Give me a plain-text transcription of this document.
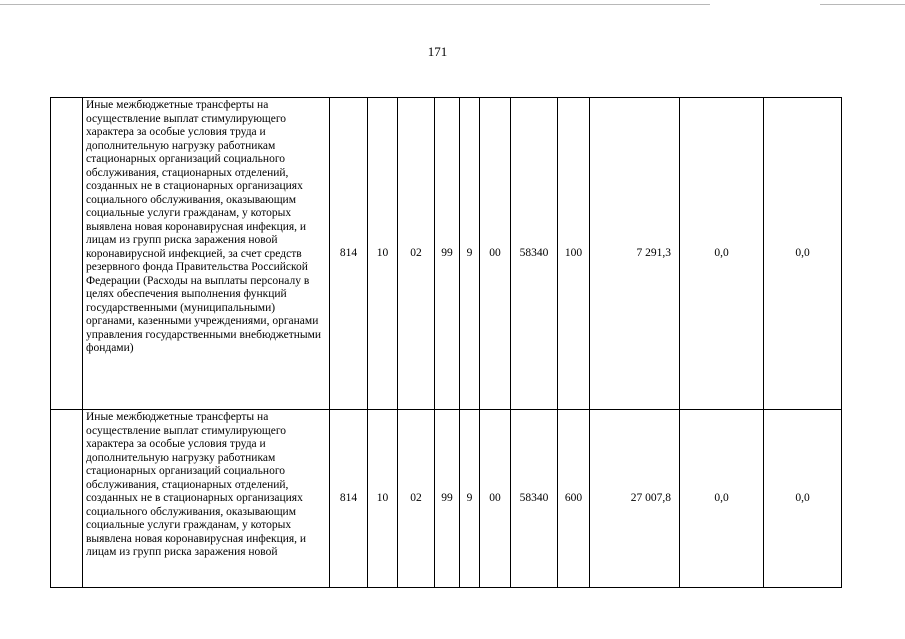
171
	Иные межбюджетные трансферты на осуществление выплат стимулирующего характера за особые условия труда и дополнительную нагрузку работникам стационарных организаций социального обслуживания, стационарных отделений, созданных не в стационарных организациях социального обслуживания, оказывающим социальные услуги гражданам, у которых выявлена новая коронавирусная инфекция, и лицам из групп риска заражения новой коронавирусной инфекцией, за счет средств резервного фонда Правительства Российской Федерации (Расходы на выплаты персоналу в целях обеспечения выполнения функций государственными (муниципальными) органами, казенными учреждениями, органами управления государственными внебюджетными фондами)	814	10	02	99	9	00	58340	100	7 291,3	0,0	0,0
	Иные межбюджетные трансферты на осуществление выплат стимулирующего характера за особые условия труда и дополнительную нагрузку работникам стационарных организаций социального обслуживания, стационарных отделений, созданных не в стационарных организациях социального обслуживания, оказывающим социальные услуги гражданам, у которых выявлена новая коронавирусная инфекция, и лицам из групп риска заражения новой	814	10	02	99	9	00	58340	600	27 007,8	0,0	0,0
